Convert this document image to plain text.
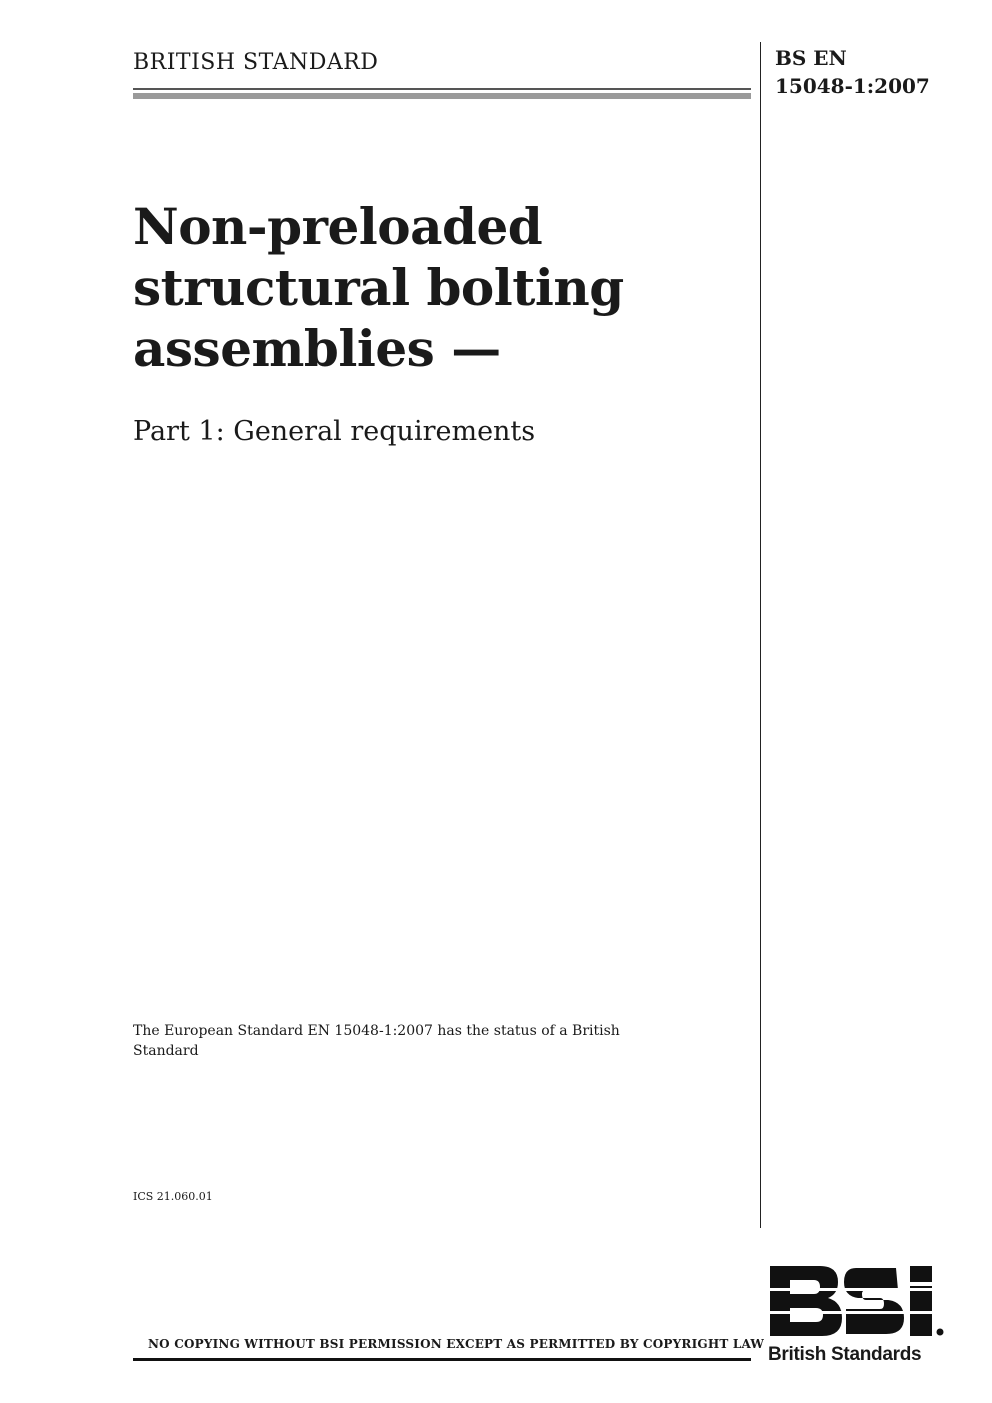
BRITISH STANDARD	BS EN
15048-1:2007
Non-preloaded
structural bolting
assemblies —
Part 1: General requirements
The European Standard EN 15048-1:2007 has the status of a British Standard
ICS 21.060.01
NO COPYING WITHOUT BSI PERMISSION EXCEPT AS PERMITTED BY COPYRIGHT LAW British Standards
